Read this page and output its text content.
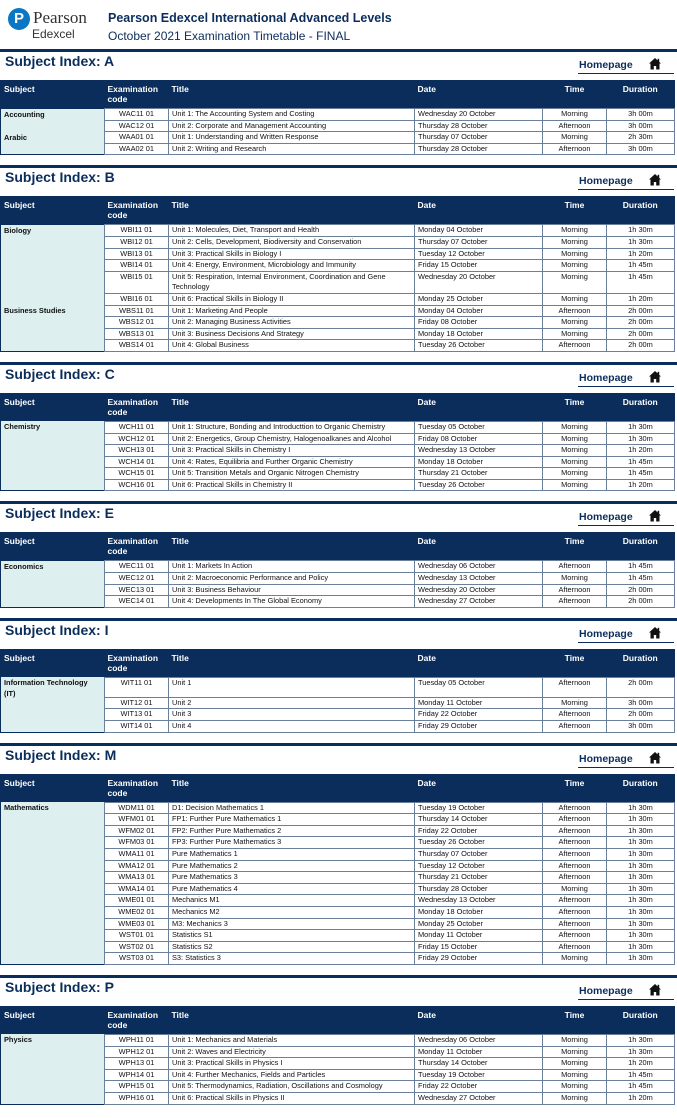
P Pearson
Edexcel
Pearson Edexcel International Advanced Levels
October 2021 Examination Timetable - FINAL
Subject Index: A	Homepage
Subject	Examination code	Title	Date	Time	Duration
Accounting	WAC11 01	Unit 1: The Accounting System and Costing	Wednesday 20 October	Morning	3h 00m
	WAC12 01	Unit 2: Corporate and Management Accounting	Thursday 28 October	Afternoon	3h 00m
Arabic	WAA01 01	Unit 1: Understanding and Written Response	Thursday 07 October	Morning	2h 30m
	WAA02 01	Unit 2: Writing and Research	Thursday 28 October	Afternoon	3h 00m
Subject Index: B	Homepage
Subject	Examination code	Title	Date	Time	Duration
Biology	WBI11 01	Unit 1: Molecules, Diet, Transport and Health	Monday 04 October	Morning	1h 30m
	WBI12 01	Unit 2: Cells, Development, Biodiversity and Conservation	Thursday 07 October	Morning	1h 30m
	WBI13 01	Unit 3: Practical Skills in Biology I	Tuesday 12 October	Morning	1h 20m
	WBI14 01	Unit 4: Energy, Environment, Microbiology and Immunity	Friday 15 October	Morning	1h 45m
	WBI15 01	Unit 5: Respiration, Internal Environment, Coordination and Gene Technology	Wednesday 20 October	Morning	1h 45m
	WBI16 01	Unit 6: Practical Skills in Biology II	Monday 25 October	Morning	1h 20m
Business Studies	WBS11 01	Unit 1: Marketing And People	Monday 04 October	Afternoon	2h 00m
	WBS12 01	Unit 2: Managing Business Activities	Friday 08 October	Morning	2h 00m
	WBS13 01	Unit 3: Business Decisions And Strategy	Monday 18 October	Morning	2h 00m
	WBS14 01	Unit 4: Global Business	Tuesday 26 October	Afternoon	2h 00m
Subject Index: C	Homepage
Subject	Examination code	Title	Date	Time	Duration
Chemistry	WCH11 01	Unit 1: Structure, Bonding and Introducttion to Organic Chemistry	Tuesday 05 October	Morning	1h 30m
	WCH12 01	Unit 2: Energetics, Group Chemistry, Halogenoalkanes and Alcohol	Friday 08 October	Morning	1h 30m
	WCH13 01	Unit 3: Practical Skills in Chemistry I	Wednesday 13 October	Morning	1h 20m
	WCH14 01	Unit 4: Rates, Equilibria and Further Organic Chemistry	Monday 18 October	Morning	1h 45m
	WCH15 01	Unit 5: Transition Metals and Organic Nitrogen Chemistry	Thursday 21 October	Morning	1h 45m
	WCH16 01	Unit 6: Practical Skills in Chemistry II	Tuesday 26 October	Morning	1h 20m
Subject Index: E	Homepage
Subject	Examination code	Title	Date	Time	Duration
Economics	WEC11 01	Unit 1: Markets In Action	Wednesday 06 October	Afternoon	1h 45m
	WEC12 01	Unit 2: Macroeconomic Performance and Policy	Wednesday 13 October	Morning	1h 45m
	WEC13 01	Unit 3: Business Behaviour	Wednesday 20 October	Afternoon	2h 00m
	WEC14 01	Unit 4: Developments In The Global Economy	Wednesday 27 October	Afternoon	2h 00m
Subject Index: I	Homepage
Subject	Examination code	Title	Date	Time	Duration
Information Technology (IT)	WIT11 01	Unit 1	Tuesday 05 October	Afternoon	2h 00m
	WIT12 01	Unit 2	Monday 11 October	Morning	3h 00m
	WIT13 01	Unit 3	Friday 22 October	Afternoon	2h 00m
	WIT14 01	Unit 4	Friday 29 October	Afternoon	3h 00m
Subject Index: M	Homepage
Subject	Examination code	Title	Date	Time	Duration
Mathematics	WDM11 01	D1: Decision Mathematics 1	Tuesday 19 October	Afternoon	1h 30m
	WFM01 01	FP1: Further Pure Mathematics 1	Thursday 14 October	Afternoon	1h 30m
	WFM02 01	FP2: Further Pure Mathematics 2	Friday 22 October	Afternoon	1h 30m
	WFM03 01	FP3: Further Pure Mathematics 3	Tuesday 26 October	Afternoon	1h 30m
	WMA11 01	Pure Mathematics 1	Thursday 07 October	Afternoon	1h 30m
	WMA12 01	Pure Mathematics 2	Tuesday 12 October	Afternoon	1h 30m
	WMA13 01	Pure Mathematics 3	Thursday 21 October	Afternoon	1h 30m
	WMA14 01	Pure Mathematics 4	Thursday 28 October	Morning	1h 30m
	WME01 01	Mechanics M1	Wednesday 13 October	Afternoon	1h 30m
	WME02 01	Mechanics M2	Monday 18 October	Afternoon	1h 30m
	WME03 01	M3: Mechanics 3	Monday 25 October	Afternoon	1h 30m
	WST01 01	Statistics S1	Monday 11 October	Afternoon	1h 30m
	WST02 01	Statistics S2	Friday 15 October	Afternoon	1h 30m
	WST03 01	S3: Statistics 3	Friday 29 October	Morning	1h 30m
Subject Index: P	Homepage
Subject	Examination code	Title	Date	Time	Duration
Physics	WPH11 01	Unit 1: Mechanics and Materials	Wednesday 06 October	Morning	1h 30m
	WPH12 01	Unit 2: Waves and Electricity	Monday 11 October	Morning	1h 30m
	WPH13 01	Unit 3: Practical Skills in Physics I	Thursday 14 October	Morning	1h 20m
	WPH14 01	Unit 4: Further Mechanics, Fields and Particles	Tuesday 19 October	Morning	1h 45m
	WPH15 01	Unit 5: Thermodynamics, Radiation, Oscillations and Cosmology	Friday 22 October	Morning	1h 45m
	WPH16 01	Unit 6: Practical Skills in Physics II	Wednesday 27 October	Morning	1h 20m
